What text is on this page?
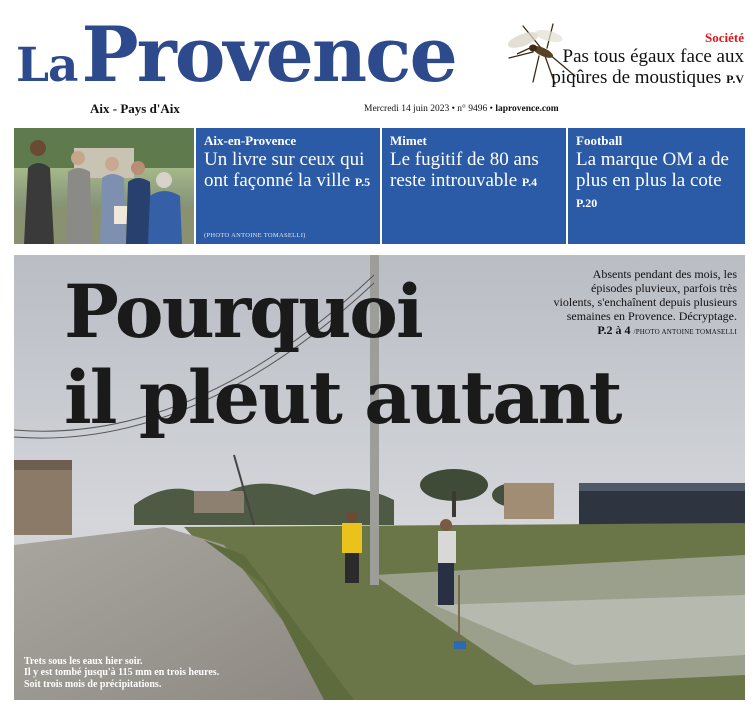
LaProvence
Aix - Pays d'Aix	Mercredi 14 juin 2023 • n° 9496 • laprovence.com
Société
Pas tous égaux face aux piqûres de moustiques P.V
Aix-en-Provence
Un livre sur ceux qui ont façonné la ville P.5
(PHOTO ANTOINE TOMASELLI)
Mimet
Le fugitif de 80 ans reste introuvable P.4
Football
La marque OM a de plus en plus la cote P.20
Pourquoi
il pleut autant
Absents pendant des mois, les épisodes pluvieux, parfois très violents, s'enchaînent depuis plusieurs semaines en Provence. Décryptage.
P.2 à 4 /PHOTO ANTOINE TOMASELLI
Trets sous les eaux hier soir.
Il y est tombé jusqu'à 115 mm en trois heures.
Soit trois mois de précipitations.
